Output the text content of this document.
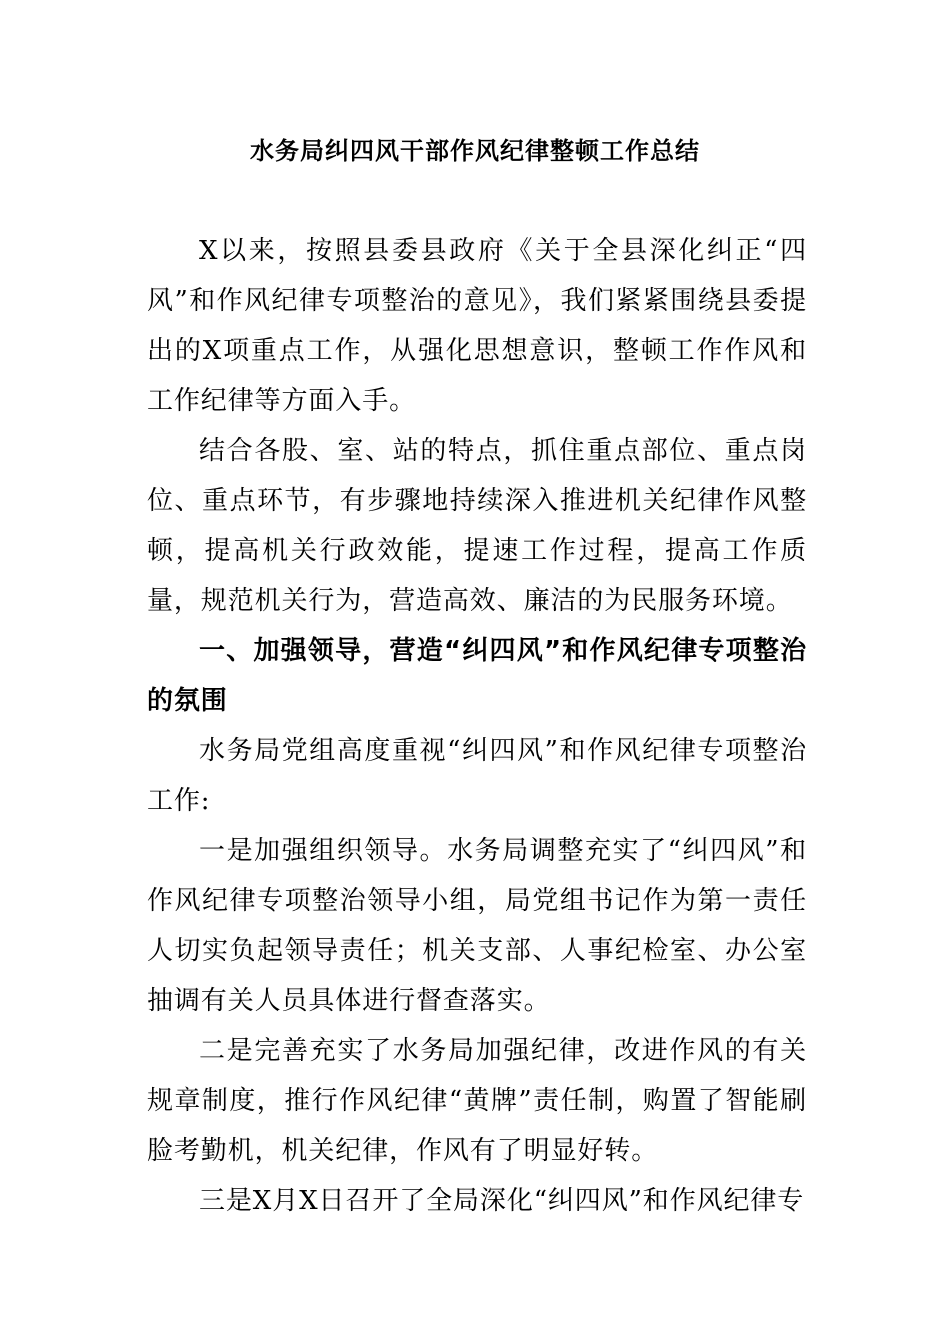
水务局纠四风干部作风纪律整顿工作总结

X以来，按照县委县政府《关于全县深化纠正“四风”和作风纪律专项整治的意见》，我们紧紧围绕县委提出的X项重点工作，从强化思想意识，整顿工作作风和工作纪律等方面入手。

结合各股、室、站的特点，抓住重点部位、重点岗位、重点环节，有步骤地持续深入推进机关纪律作风整顿，提高机关行政效能，提速工作过程，提高工作质量，规范机关行为，营造高效、廉洁的为民服务环境。

一、加强领导，营造“纠四风”和作风纪律专项整治的氛围

水务局党组高度重视“纠四风”和作风纪律专项整治工作:

一是加强组织领导。水务局调整充实了“纠四风”和作风纪律专项整治领导小组，局党组书记作为第一责任人切实负起领导责任；机关支部、人事纪检室、办公室抽调有关人员具体进行督查落实。

二是完善充实了水务局加强纪律，改进作风的有关规章制度，推行作风纪律“黄牌”责任制，购置了智能刷脸考勤机，机关纪律，作风有了明显好转。

三是X月X日召开了全局深化“纠四风”和作风纪律专
